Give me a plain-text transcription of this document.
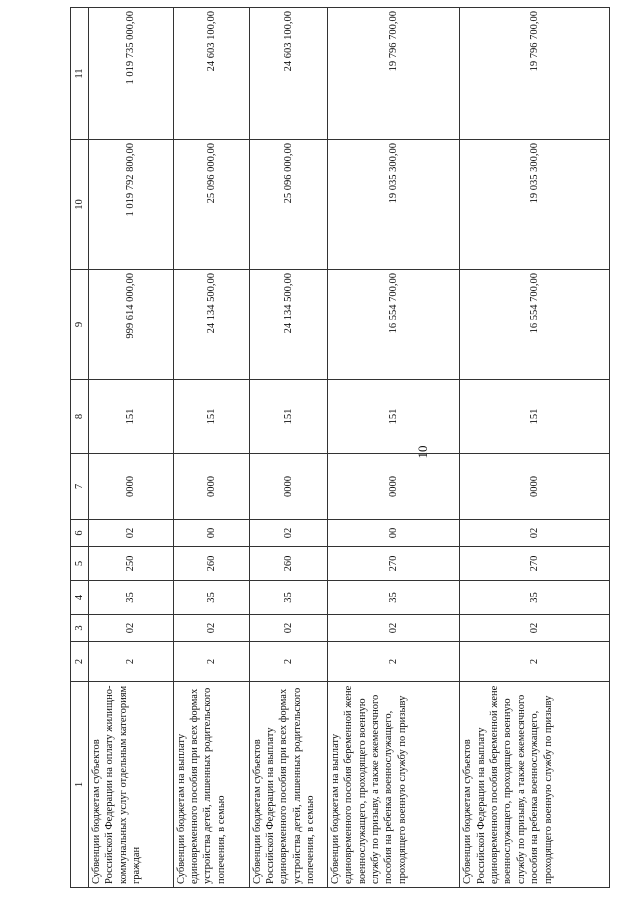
10
1	2	3	4	5	6	7	8	9	10	11
Субвенции бюджетам субъектов Российской Федерации на оплату жилищно-коммунальных услуг отдельным категориям граждан	2	02	35	250	02	0000	151	999 614 000,00	1 019 792 800,00	1 019 735 000,00
Субвенции бюджетам на выплату единовременного пособия при всех формах устройства детей, лишенных родительского попечения, в семью	2	02	35	260	00	0000	151	24 134 500,00	25 096 000,00	24 603 100,00
Субвенции бюджетам субъектов Российской Федерации на выплату единовременного пособия при всех формах устройства детей, лишенных родительского попечения, в семью	2	02	35	260	02	0000	151	24 134 500,00	25 096 000,00	24 603 100,00
Субвенции бюджетам на выплату единовременного пособия беременной жене военнослужащего, проходящего военную службу по призыву, а также ежемесячного пособия на ребенка военнослужащего, проходящего военную службу по призыву	2	02	35	270	00	0000	151	16 554 700,00	19 035 300,00	19 796 700,00
Субвенции бюджетам субъектов Российской Федерации на выплату единовременного пособия беременной жене военнослужащего, проходящего военную службу по призыву, а также ежемесячного пособия на ребенка военнослужащего, проходящего военную службу по призыву	2	02	35	270	02	0000	151	16 554 700,00	19 035 300,00	19 796 700,00
